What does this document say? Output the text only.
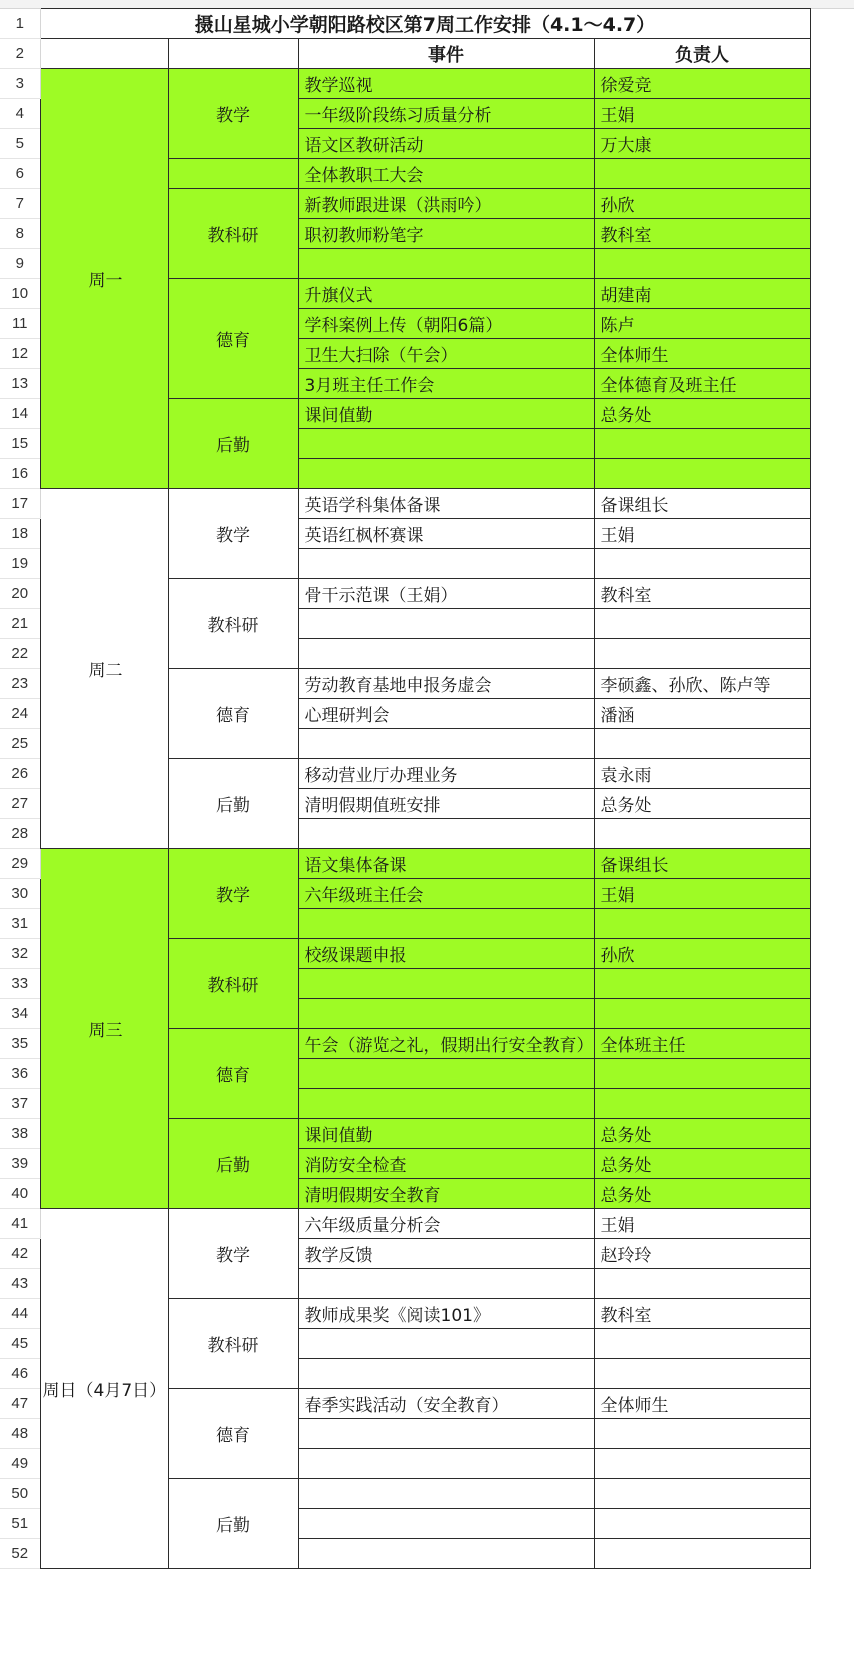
1	摄山星城小学朝阳路校区第7周工作安排（4.1～4.7）			
2			事件	负责人
3	周一	教学	教学巡视	徐爱竞
4			一年级阶段练习质量分析	王娟
5			语文区教研活动	万大康
6			全体教职工大会	
7		教科研	新教师跟进课（洪雨吟）	孙欣
8			职初教师粉笔字	教科室
9				
10		德育	升旗仪式	胡建南
11			学科案例上传（朝阳6篇）	陈卢
12			卫生大扫除（午会）	全体师生
13			3月班主任工作会	全体德育及班主任
14		后勤	课间值勤	总务处
15				
16				
17	周二	教学	英语学科集体备课	备课组长
18			英语红枫杯赛课	王娟
19				
20		教科研	骨干示范课（王娟）	教科室
21				
22				
23		德育	劳动教育基地申报务虚会	李硕鑫、孙欣、陈卢等
24			心理研判会	潘涵
25				
26		后勤	移动营业厅办理业务	袁永雨
27			清明假期值班安排	总务处
28				
29	周三	教学	语文集体备课	备课组长
30			六年级班主任会	王娟
31				
32		教科研	校级课题申报	孙欣
33				
34				
35		德育	午会（游览之礼，假期出行安全教育）	全体班主任
36				
37				
38		后勤	课间值勤	总务处
39			消防安全检查	总务处
40			清明假期安全教育	总务处
41	周日（4月7日）	教学	六年级质量分析会	王娟
42			教学反馈	赵玲玲
43				
44		教科研	教师成果奖《阅读101》	教科室
45				
46				
47		德育	春季实践活动（安全教育）	全体师生
48				
49				
50		后勤		
51				
52				
